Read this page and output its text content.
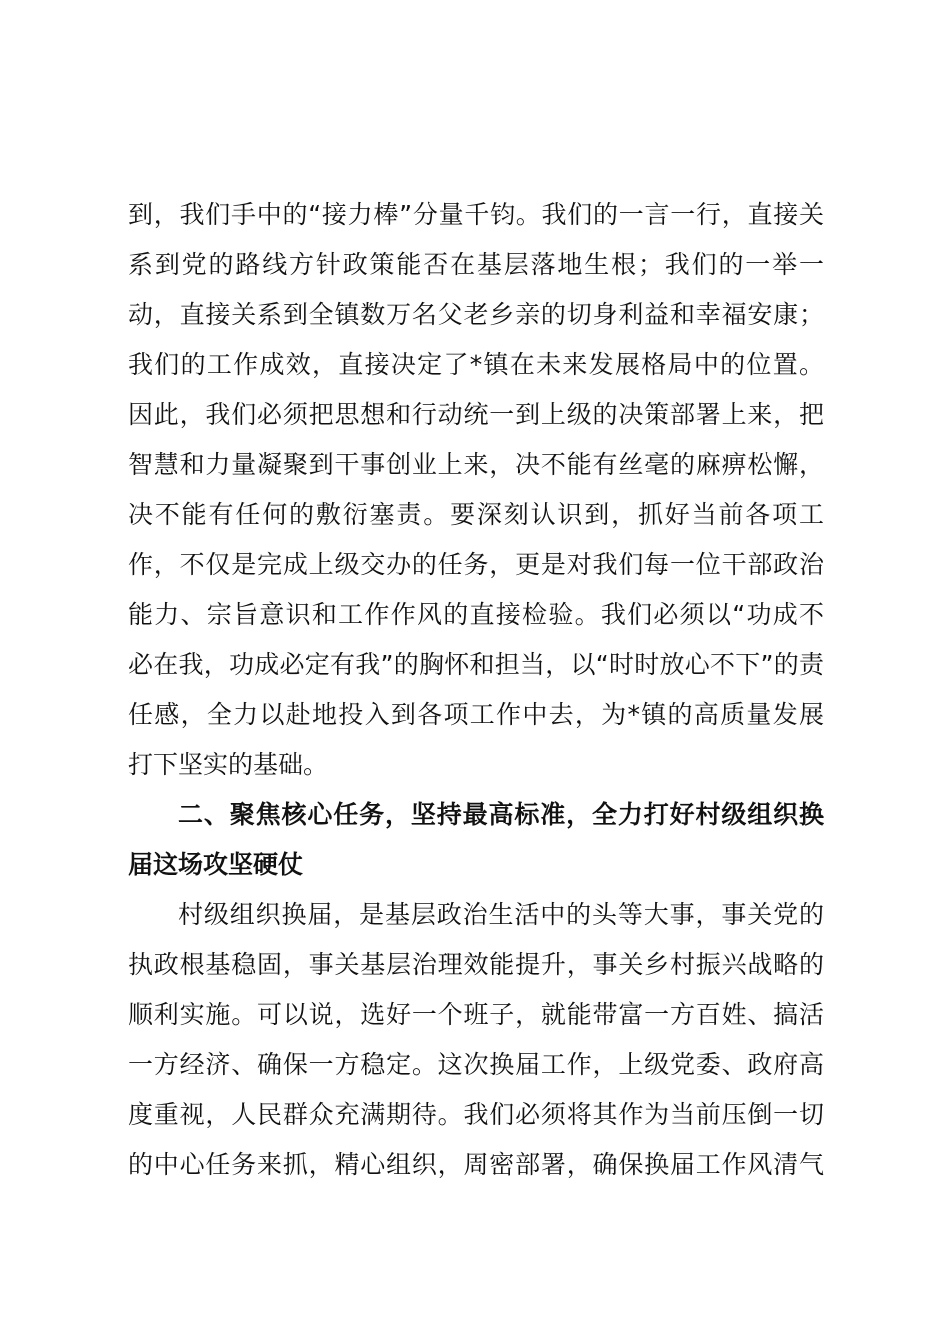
到，我们手中的“接力棒”分量千钧。我们的一言一行，直接关
系到党的路线方针政策能否在基层落地生根；我们的一举一
动，直接关系到全镇数万名父老乡亲的切身利益和幸福安康；
我们的工作成效，直接决定了*镇在未来发展格局中的位置。
因此，我们必须把思想和行动统一到上级的决策部署上来，把
智慧和力量凝聚到干事创业上来，决不能有丝毫的麻痹松懈，
决不能有任何的敷衍塞责。要深刻认识到，抓好当前各项工
作，不仅是完成上级交办的任务，更是对我们每一位干部政治
能力、宗旨意识和工作作风的直接检验。我们必须以“功成不
必在我，功成必定有我”的胸怀和担当，以“时时放心不下”的责
任感，全力以赴地投入到各项工作中去，为*镇的高质量发展
打下坚实的基础。
二、聚焦核心任务，坚持最高标准，全力打好村级组织换
届这场攻坚硬仗
村级组织换届，是基层政治生活中的头等大事，事关党的
执政根基稳固，事关基层治理效能提升，事关乡村振兴战略的
顺利实施。可以说，选好一个班子，就能带富一方百姓、搞活
一方经济、确保一方稳定。这次换届工作，上级党委、政府高
度重视，人民群众充满期待。我们必须将其作为当前压倒一切
的中心任务来抓，精心组织，周密部署，确保换届工作风清气
